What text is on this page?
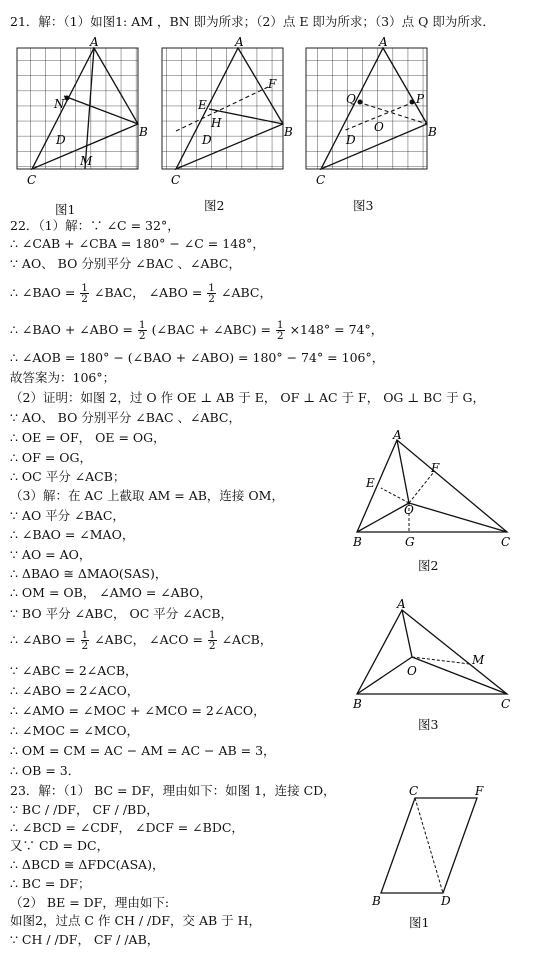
21．解：（1）如图1: AM ，BN 即为所求；（2）点 E 即为所求；（3）点 Q 即为所求．
A
B
C
N
D
M
A
B
C
F
E
H
D
A
B
C
Q	P
O
D
图1	图2	图3
22．（1）解：∵ ∠C = 32°，
∴ ∠CAB + ∠CBA = 180° − ∠C = 148°，
∵ AO、 BO 分别平分 ∠BAC 、∠ABC，
∴ ∠BAO = $\frac{1}{2}$ ∠BAC， ∠ABO = $\frac{1}{2}$ ∠ABC，
∴ ∠BAO + ∠ABO = $\frac{1}{2}$ (∠BAC + ∠ABC) = $\frac{1}{2} \times 148^\circ = 74^\circ$，
∴ ∠AOB = 180° − (∠BAO + ∠ABO) = 180° − 74° = 106°，
故答案为：106°；
（2）证明：如图 2，过 O 作 OE ⊥ AB 于 E， OF ⊥ AC 于 F， OG ⊥ BC 于 G，
∵ AO、 BO 分别平分 ∠BAC 、∠ABC，
∴ OE = OF， OE = OG，
∴ OF = OG，
∴ OC 平分 ∠ACB；
（3）解：在 AC 上截取 AM = AB，连接 OM，
∵ AO 平分 ∠BAC，
∴ ∠BAO = ∠MAO，
∵ AO = AO，
∴ ΔBAO ≅ ΔMAO(SAS)，
∴ OM = OB， ∠AMO = ∠ABO，
∵ BO 平分 ∠ABC， OC 平分 ∠ACB，
∴ ∠ABO = $\frac{1}{2}$ ∠ABC， ∠ACO = $\frac{1}{2}$ ∠ACB，
∵ ∠ABC = 2∠ACB，
∴ ∠ABO = 2∠ACO，
∴ ∠AMO = ∠MOC + ∠MCO = 2∠ACO，
∴ ∠MOC = ∠MCO，
∴ OM = CM = AC − AM = AC − AB = 3，
∴ OB = 3．
A
E
F
O
B	G	C
图2
A
M
O
B	C
图3
23．解：（1） BC = DF，理由如下：如图 1，连接 CD，
∵ BC / /DF， CF / /BD，
∴ ∠BCD = ∠CDF， ∠DCF = ∠BDC，
又∵ CD = DC，
∴ ΔBCD ≅ ΔFDC(ASA)，
∴ BC = DF；
（2） BE = DF，理由如下:
如图2，过点 C 作 CH / /DF，交 AB 于 H，
∵ CH / /DF， CF / /AB，
C	F
B	D
图1
